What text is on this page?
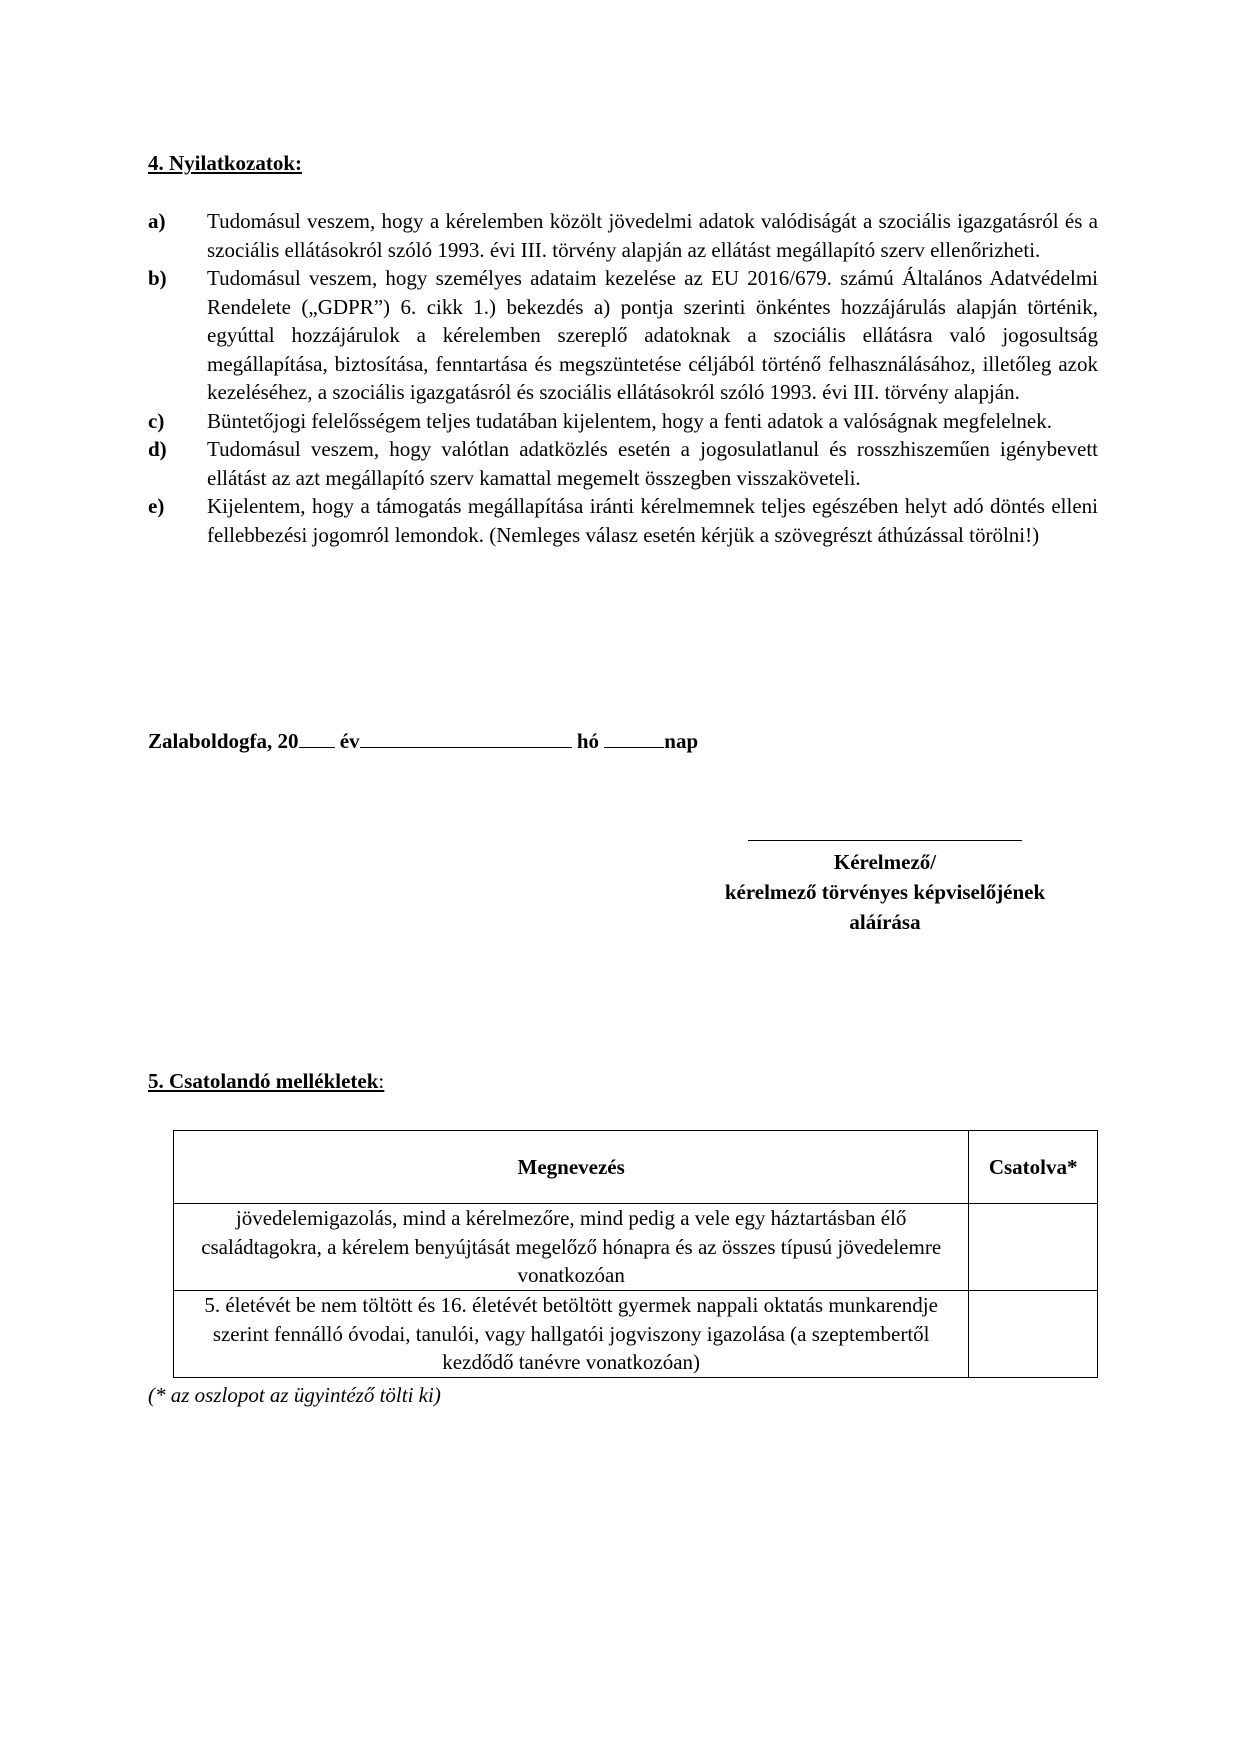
4. Nyilatkozatok:
a)	Tudomásul veszem, hogy a kérelemben közölt jövedelmi adatok valódiságát a szociális igazgatásról és a szociális ellátásokról szóló 1993. évi III. törvény alapján az ellátást megállapító szerv ellenőrizheti.
b)	Tudomásul veszem, hogy személyes adataim kezelése az EU 2016/679. számú Általános Adatvédelmi Rendelete („GDPR”) 6. cikk 1.) bekezdés a) pontja szerinti önkéntes hozzájárulás alapján történik, egyúttal hozzájárulok a kérelemben szereplő adatoknak a szociális ellátásra való jogosultság megállapítása, biztosítása, fenntartása és megszüntetése céljából történő felhasználásához, illetőleg azok kezeléséhez, a szociális igazgatásról és szociális ellátásokról szóló 1993. évi III. törvény alapján.
c)	Büntetőjogi felelősségem teljes tudatában kijelentem, hogy a fenti adatok a valóságnak megfelelnek.
d)	Tudomásul veszem, hogy valótlan adatközlés esetén a jogosulatlanul és rosszhiszeműen igénybevett ellátást az azt megállapító szerv kamattal megemelt összegben visszaköveteli.
e)	Kijelentem, hogy a támogatás megállapítása iránti kérelmemnek teljes egészében helyt adó döntés elleni fellebbezési jogomról lemondok. (Nemleges válasz esetén kérjük a szövegrészt áthúzással törölni!)
Zalaboldogfa, 20 év	hó	nap
Kérelmező/
kérelmező törvényes képviselőjének
aláírása
5. Csatolandó mellékletek:
Megnevezés	Csatolva*
jövedelemigazolás, mind a kérelmezőre, mind pedig a vele egy háztartásban élő családtagokra, a kérelem benyújtását megelőző hónapra és az összes típusú jövedelemre vonatkozóan	
5. életévét be nem töltött és 16. életévét betöltött gyermek nappali oktatás munkarendje szerint fennálló óvodai, tanulói, vagy hallgatói jogviszony igazolása (a szeptembertől kezdődő tanévre vonatkozóan)	
(* az oszlopot az ügyintéző tölti ki)
